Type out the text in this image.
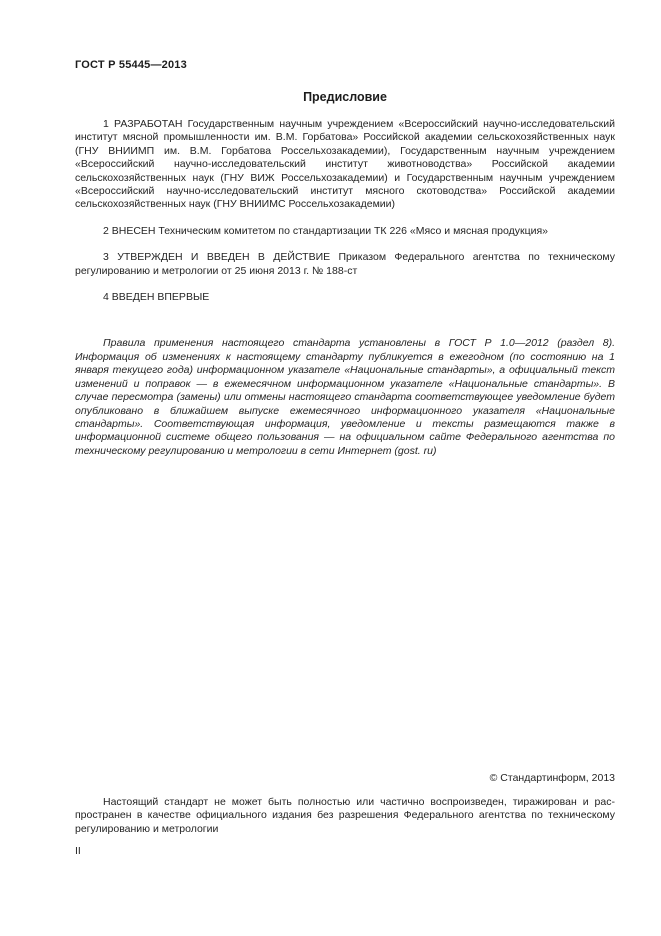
ГОСТ Р 55445—2013
Предисловие

1 РАЗРАБОТАН Государственным научным учреждением «Всероссийский научно-исследовательский институт мясной промышленности им. В.М. Горбатова» Российской академии сельскохозяйственных наук (ГНУ ВНИИМП им. В.М. Горбатова Россельхозакадемии), Государственным научным учреждением «Всероссийский научно-исследовательский институт животноводства» Российской академии сельскохозяйственных наук (ГНУ ВИЖ Россельхозакадемии) и Государственным научным учреждением «Всероссийский научно-исследовательский институт мясного скотоводства» Российской академии сельскохозяйственных наук (ГНУ ВНИИМС Россельхозакадемии)

2 ВНЕСЕН Техническим комитетом по стандартизации ТК 226 «Мясо и мясная продукция»

3 УТВЕРЖДЕН И ВВЕДЕН В ДЕЙСТВИЕ Приказом Федерального агентства по техническому регулированию и метрологии от 25 июня 2013 г. № 188-ст

4 ВВЕДЕН ВПЕРВЫЕ

Правила применения настоящего стандарта установлены в ГОСТ Р 1.0—2012 (раздел 8). Информация об изменениях к настоящему стандарту публикуется в ежегодном (по состоянию на 1 января текущего года) информационном указателе «Национальные стандарты», а официальный текст изменений и поправок — в ежемесячном информационном указателе «Национальные стандарты». В случае пересмотра (замены) или отмены настоящего стандарта соответствующее уведомление будет опубликовано в ближайшем выпуске ежемесячного информационного указателя «Национальные стандарты». Соответствующая информация, уведомление и тексты размещаются также в информационной системе общего пользования — на официальном сайте Федерального агентства по техническому регулированию и метрологии в сети Интернет (gost. ru)

© Стандартинформ, 2013

Настоящий стандарт не может быть полностью или частично воспроизведен, тиражирован и распространен в качестве официального издания без разрешения Федерального агентства по техническому регулированию и метрологии

II
